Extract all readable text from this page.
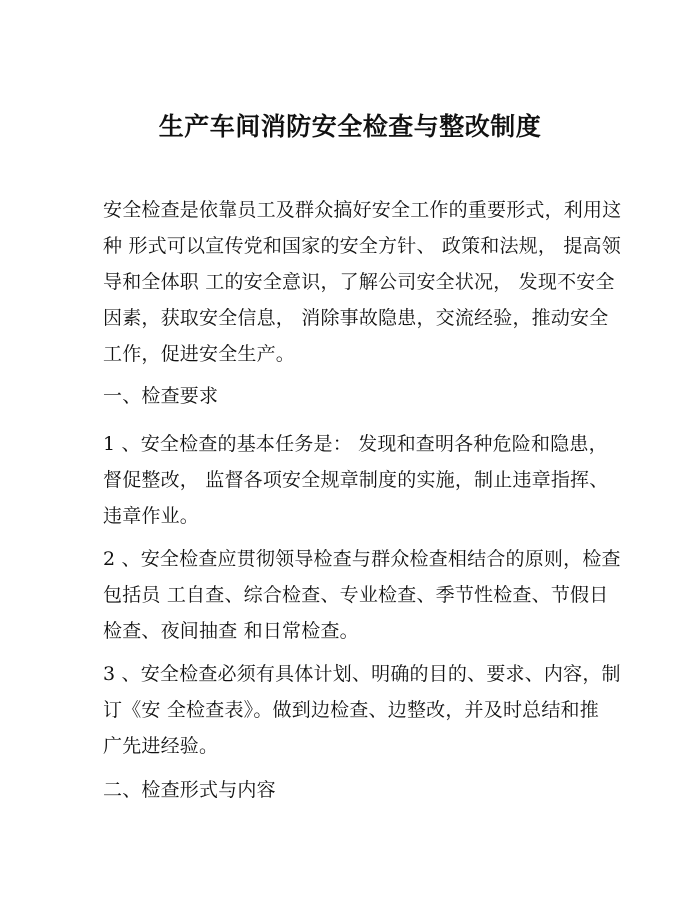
生产车间消防安全检查与整改制度
安全检查是依靠员工及群众搞好安全工作的重要形式，利用这
种 形式可以宣传党和国家的安全方针、 政策和法规， 提高领
导和全体职 工的安全意识，了解公司安全状况， 发现不安全
因素，获取安全信息， 消除事故隐患，交流经验，推动安全
工作，促进安全生产。
一、检查要求
1 、安全检查的基本任务是： 发现和查明各种危险和隐患，
督促整改， 监督各项安全规章制度的实施，制止违章指挥、
违章作业。
2 、安全检查应贯彻领导检查与群众检查相结合的原则，检查
包括员 工自查、综合检查、专业检查、季节性检查、节假日
检查、夜间抽查 和日常检查。
3 、安全检查必须有具体计划、明确的目的、要求、内容，制
订《安 全检查表》。做到边检查、边整改，并及时总结和推
广先进经验。
二、检查形式与内容
